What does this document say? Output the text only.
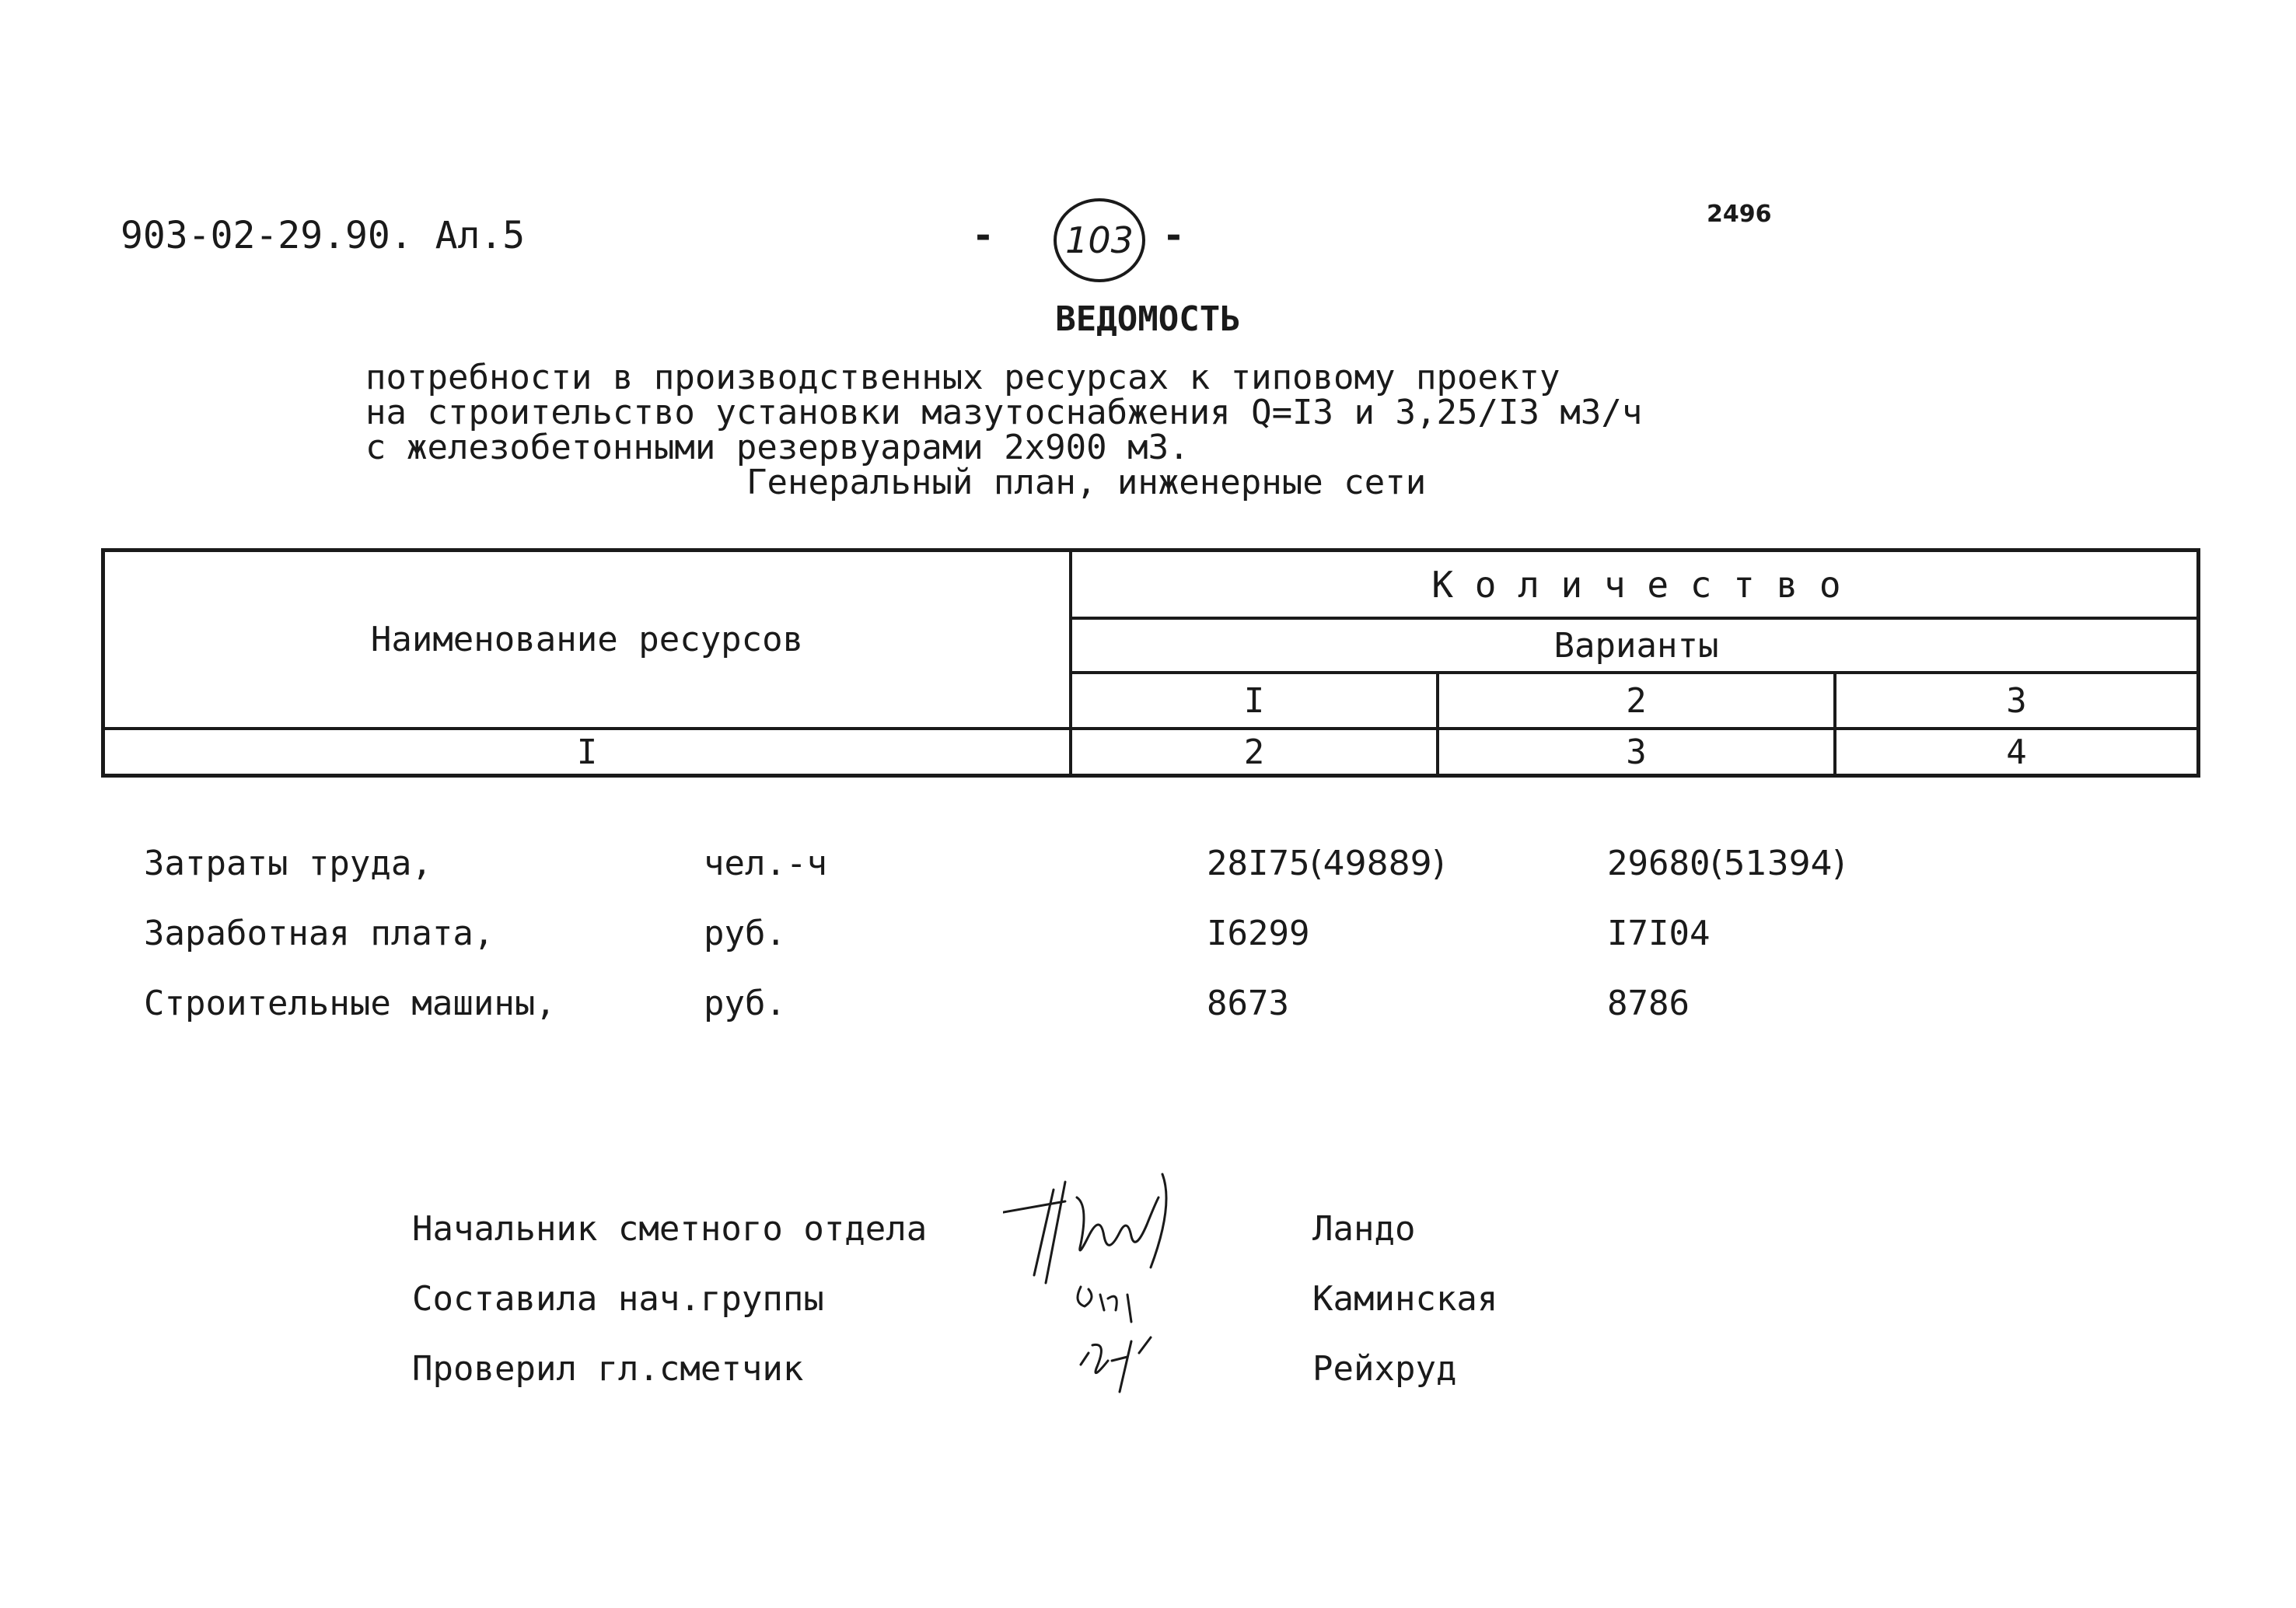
903-02-29.90. Ал.5	-	103 -	2496
ВЕДОМОСТЬ
потребности в производственных ресурсах к типовому проекту
на строительство установки мазутоснабжения Q=I3 и 3,25/I3 м3/ч
с железобетонными резервуарами 2х900 м3.
Генеральный план, инженерные сети
Наименование ресурсов
К о л и ч е с т в о
Варианты
I	2	3
I	2	3	4
Затраты труда,	чел.-ч	28I75(49889)	29680(51394)
Заработная плата,	руб.	I6299	I7I04
Строительные машины,	руб.	8673	8786
Начальник сметного отдела	Ландо
Составила нач.группы	Каминская
Проверил гл.сметчик	Рейхруд
